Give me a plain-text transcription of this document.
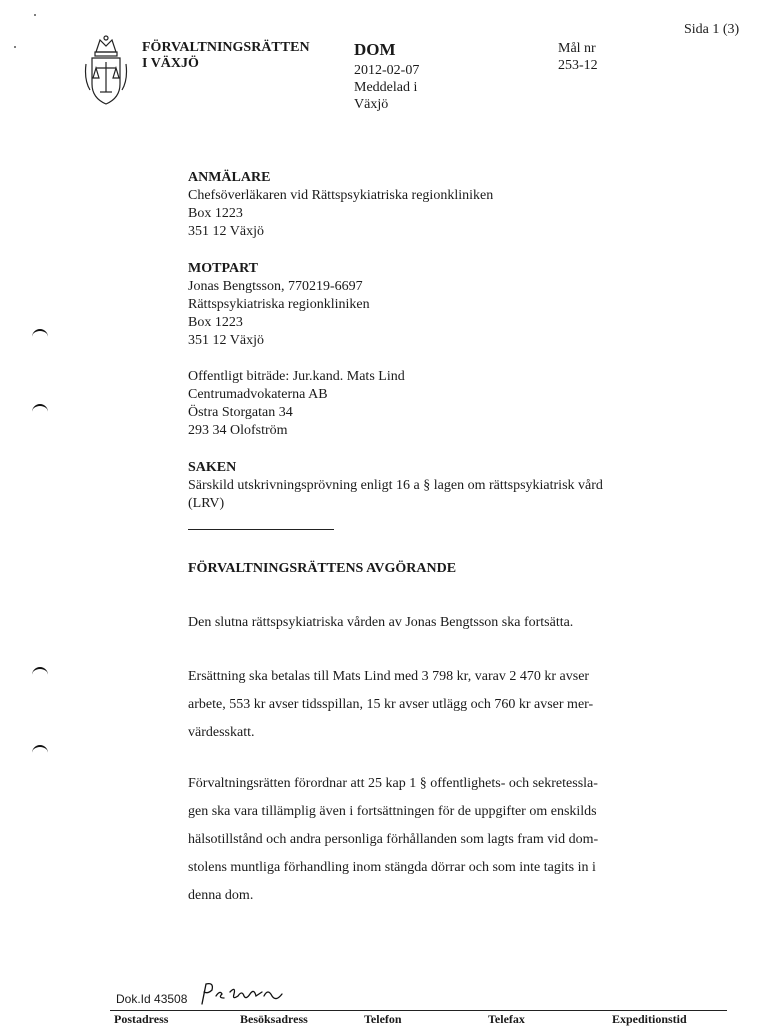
Sida 1 (3)
FÖRVALTNINGSRÄTTEN
I VÄXJÖ
DOM
2012-02-07
Meddelad i
Växjö
Mål nr
253-12
ANMÄLARE
Chefsöverläkaren vid Rättspsykiatriska regionkliniken
Box 1223
351 12 Växjö
MOTPART
Jonas Bengtsson, 770219-6697
Rättspsykiatriska regionkliniken
Box 1223
351 12 Växjö
Offentligt biträde: Jur.kand. Mats Lind
Centrumadvokaterna AB
Östra Storgatan 34
293 34 Olofström
SAKEN
Särskild utskrivningsprövning enligt 16 a § lagen om rättspsykiatrisk vård
(LRV)
FÖRVALTNINGSRÄTTENS AVGÖRANDE
Den slutna rättspsykiatriska vården av Jonas Bengtsson ska fortsätta.
Ersättning ska betalas till Mats Lind med 3 798 kr, varav 2 470 kr avser
arbete, 553 kr avser tidsspillan, 15 kr avser utlägg och 760 kr avser mer-
värdesskatt.
Förvaltningsrätten förordnar att 25 kap 1 § offentlighets- och sekretessla-
gen ska vara tillämplig även i fortsättningen för de uppgifter om enskilds
hälsotillstånd och andra personliga förhållanden som lagts fram vid dom-
stolens muntliga förhandling inom stängda dörrar och som inte tagits in i
denna dom.
Dok.Id 43508
Postadress	Besöksadress	Telefon	Telefax	Expeditionstid
